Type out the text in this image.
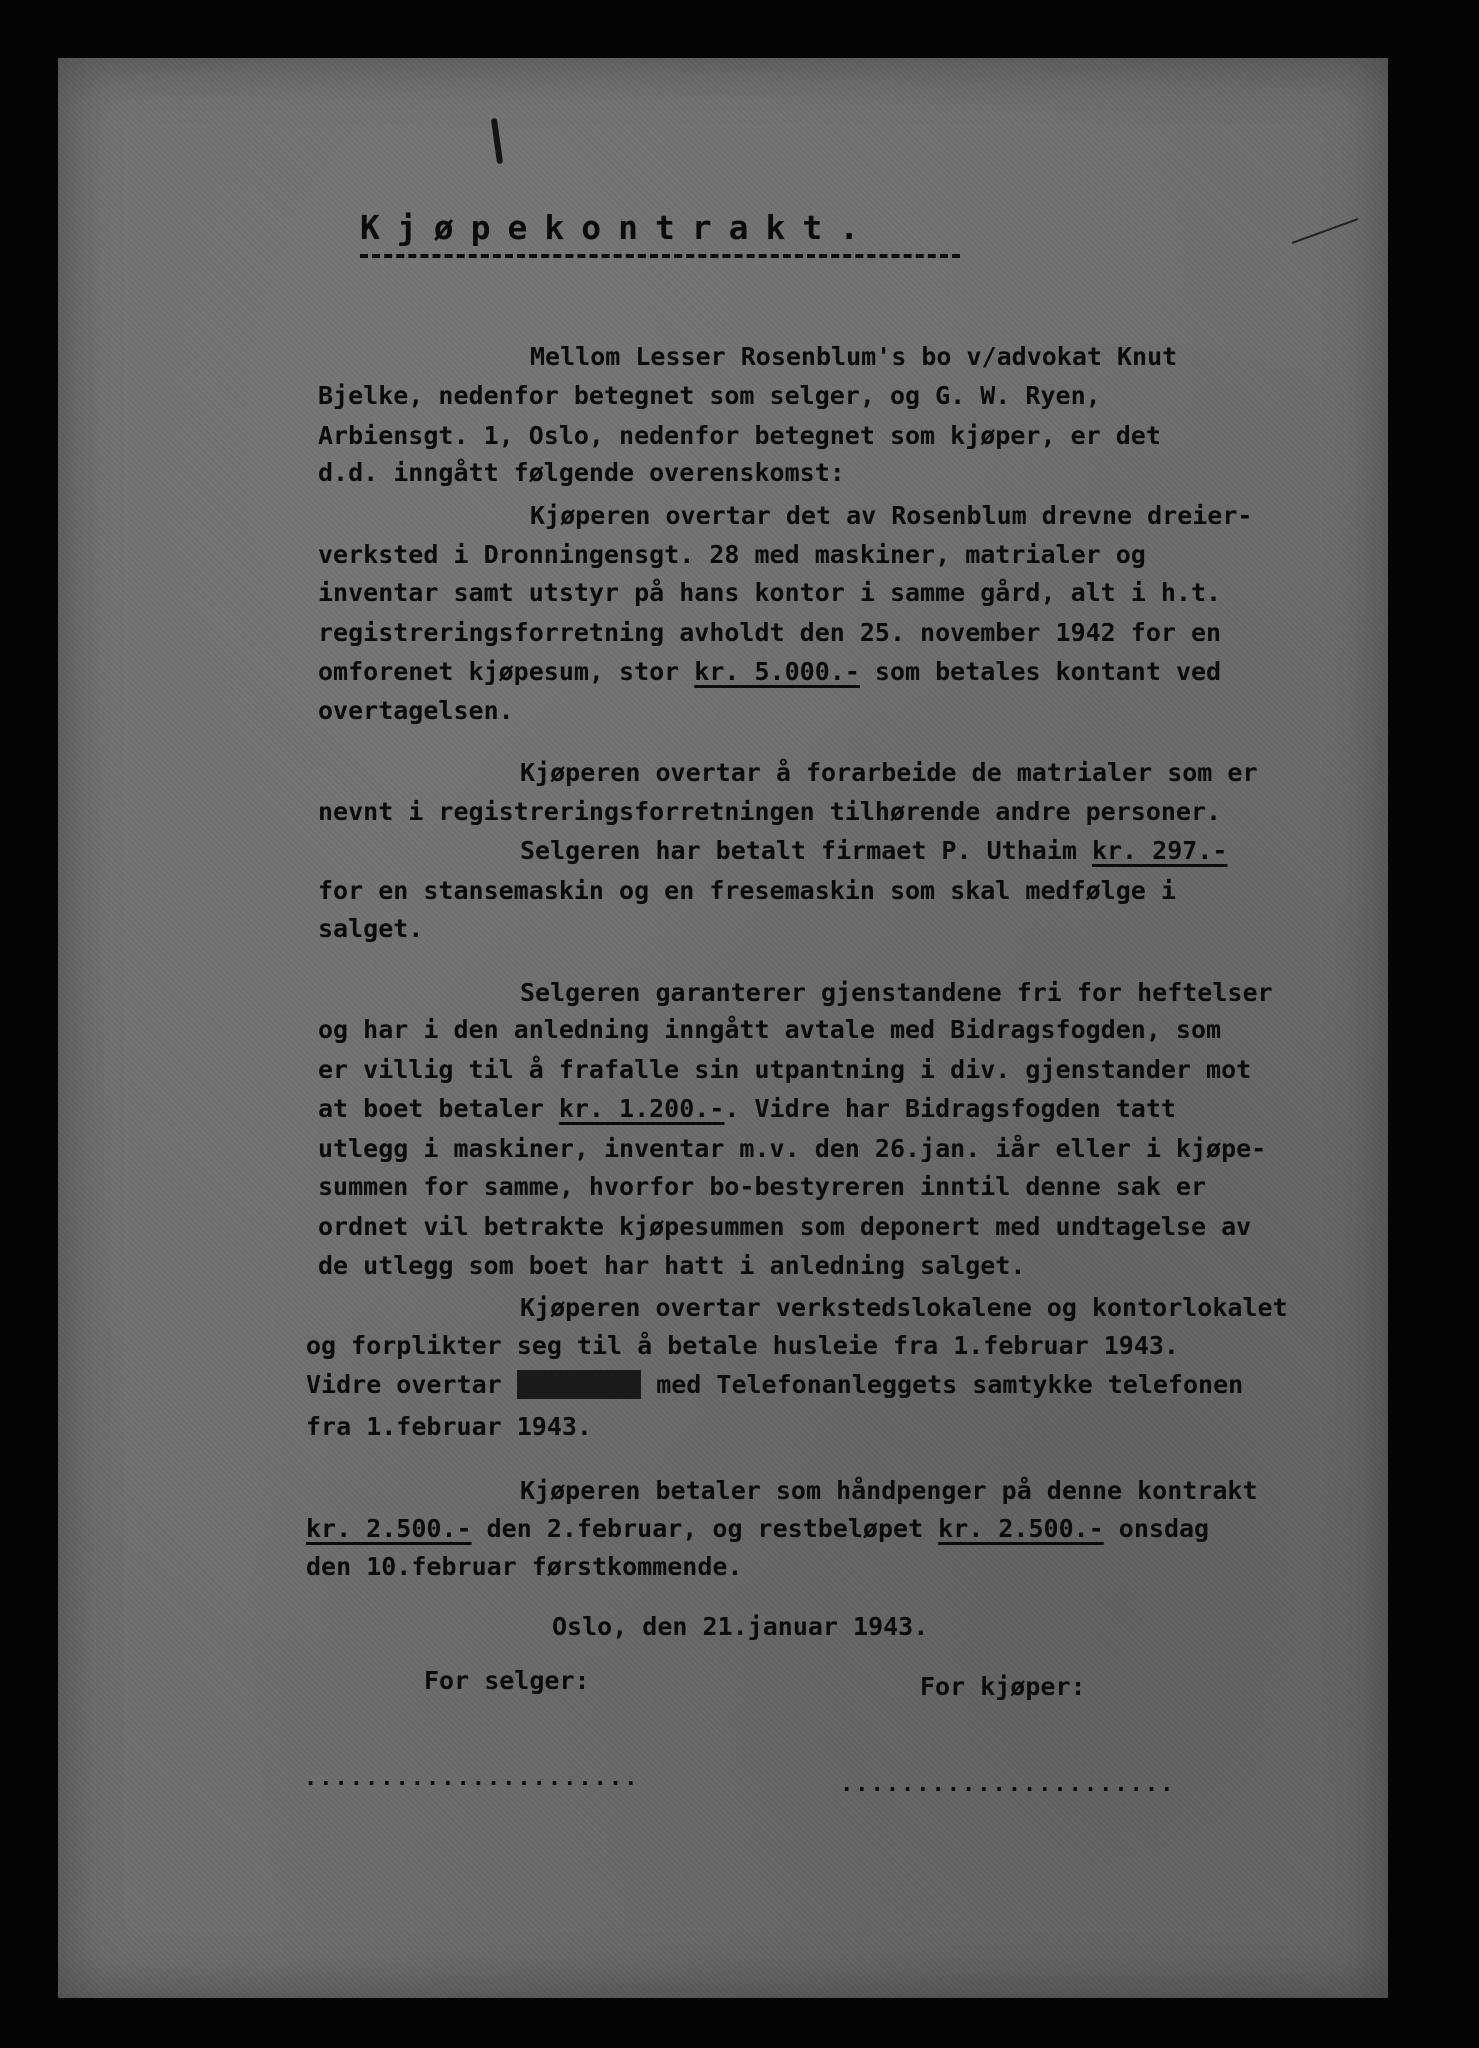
Kjøpekontrakt.
Mellom Lesser Rosenblum's bo v/advokat Knut
Bjelke, nedenfor betegnet som selger, og G. W. Ryen,
Arbiensgt. 1, Oslo, nedenfor betegnet som kjøper, er det
d.d. inngått følgende overenskomst:
Kjøperen overtar det av Rosenblum drevne dreier-
verksted i Dronningensgt. 28 med maskiner, matrialer og
inventar samt utstyr på hans kontor i samme gård, alt i h.t.
registreringsforretning avholdt den 25. november 1942 for en
omforenet kjøpesum, stor kr. 5.000.- som betales kontant ved
overtagelsen.
Kjøperen overtar å forarbeide de matrialer som er
nevnt i registreringsforretningen tilhørende andre personer.
Selgeren har betalt firmaet P. Uthaim kr. 297.-
for en stansemaskin og en fresemaskin som skal medfølge i
salget.
Selgeren garanterer gjenstandene fri for heftelser
og har i den anledning inngått avtale med Bidragsfogden, som
er villig til å frafalle sin utpantning i div. gjenstander mot
at boet betaler kr. 1.200.-. Vidre har Bidragsfogden tatt
utlegg i maskiner, inventar m.v. den 26.jan. iår eller i kjøpe-
summen for samme, hvorfor bo-bestyreren inntil denne sak er
ordnet vil betrakte kjøpesummen som deponert med undtagelse av
de utlegg som boet har hatt i anledning salget.
Kjøperen overtar verkstedslokalene og kontorlokalet
og forplikter seg til å betale husleie fra 1.februar 1943.
Vidre overtar Kjøperen med Telefonanleggets samtykke telefonen
fra 1.februar 1943.
Kjøperen betaler som håndpenger på denne kontrakt
kr. 2.500.- den 2.februar, og restbeløpet kr. 2.500.- onsdag
den 10.februar førstkommende.
Oslo, den 21.januar 1943.
For selger:	For kjøper:
......................	......................
